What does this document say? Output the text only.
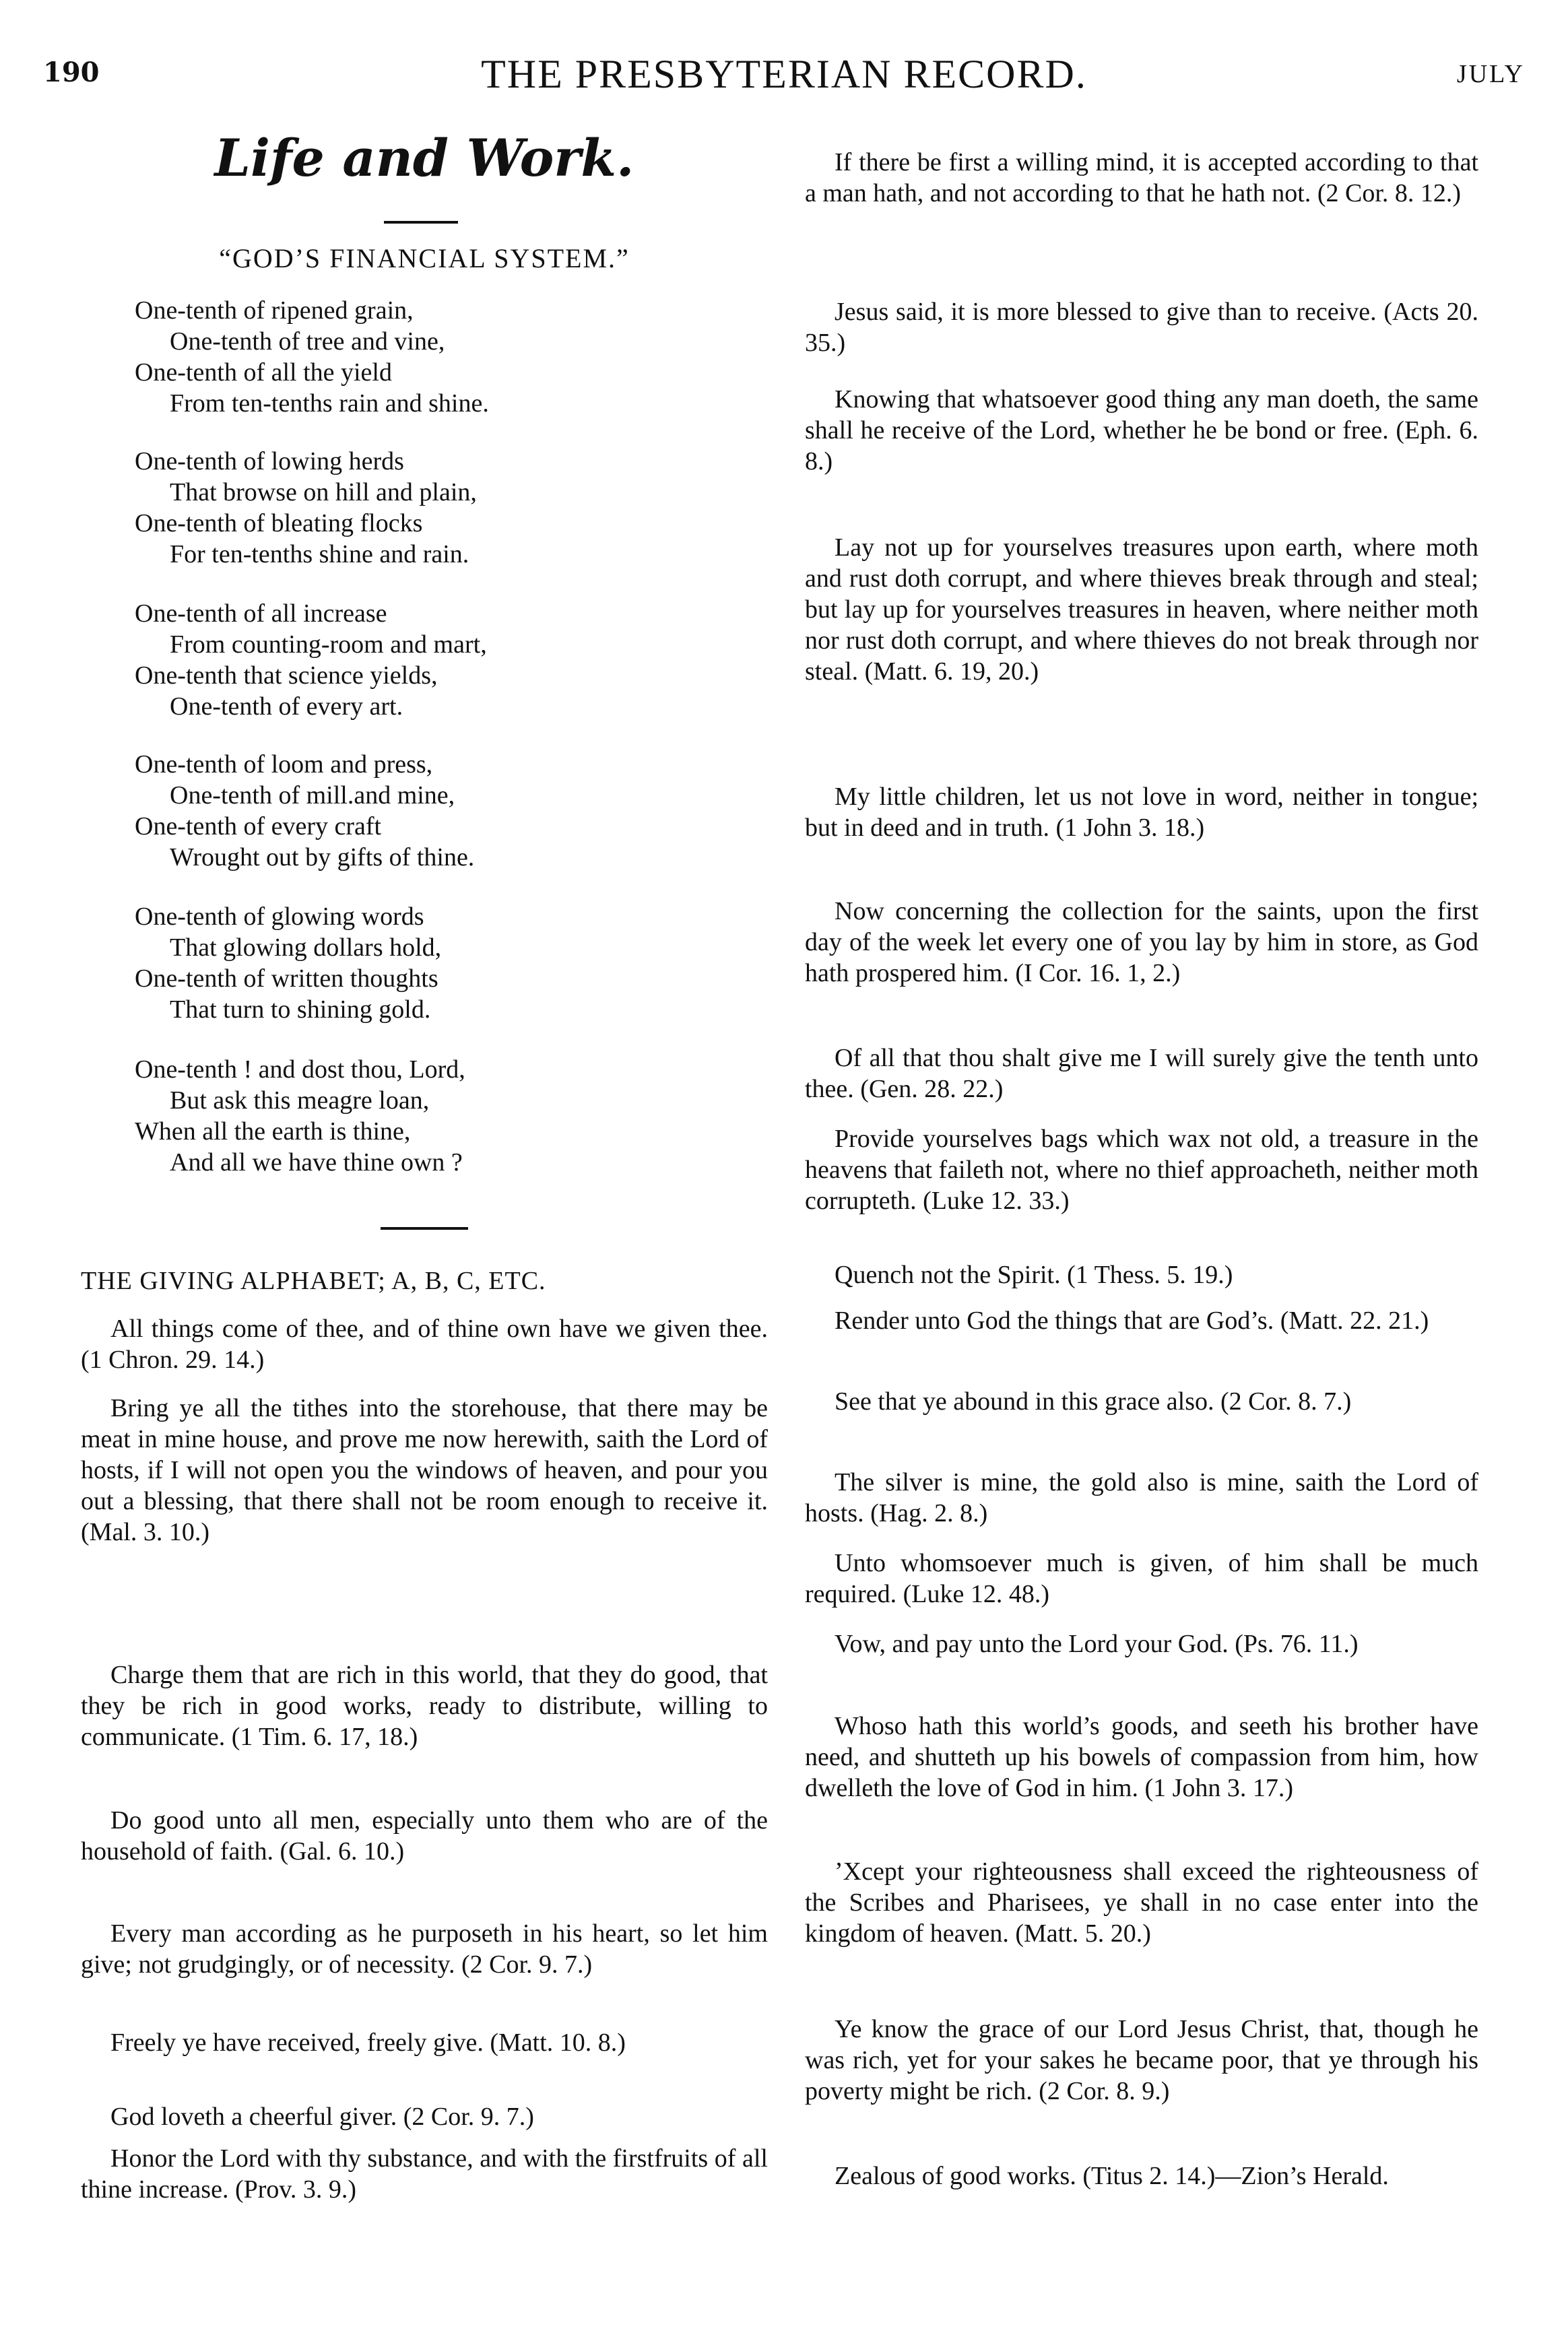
190	THE PRESBYTERIAN RECORD.	JULY
Life and Work.
“GOD’S FINANCIAL SYSTEM.”
One-tenth of ripened grain,
One-tenth of tree and vine,
One-tenth of all the yield
From ten-tenths rain and shine.
One-tenth of lowing herds
That browse on hill and plain,
One-tenth of bleating flocks
For ten-tenths shine and rain.
One-tenth of all increase
From counting-room and mart,
One-tenth that science yields,
One-tenth of every art.
One-tenth of loom and press,
One-tenth of mill.and mine,
One-tenth of every craft
Wrought out by gifts of thine.
One-tenth of glowing words
That glowing dollars hold,
One-tenth of written thoughts
That turn to shining gold.
One-tenth ! and dost thou, Lord,
But ask this meagre loan,
When all the earth is thine,
And all we have thine own ?
THE GIVING ALPHABET; A, B, C, ETC.

All things come of thee, and of thine own have we given thee. (1 Chron. 29. 14.)

Bring ye all the tithes into the storehouse, that there may be meat in mine house, and prove me now herewith, saith the Lord of hosts, if I will not open you the windows of heaven, and pour you out a blessing, that there shall not be room enough to receive it. (Mal. 3. 10.)

Charge them that are rich in this world, that they do good, that they be rich in good works, ready to distribute, willing to communicate. (1 Tim. 6. 17, 18.)

Do good unto all men, especially unto them who are of the household of faith. (Gal. 6. 10.)

Every man according as he purposeth in his heart, so let him give; not grudgingly, or of necessity. (2 Cor. 9. 7.)

Freely ye have received, freely give. (Matt. 10. 8.)

God loveth a cheerful giver. (2 Cor. 9. 7.)

Honor the Lord with thy substance, and with the firstfruits of all thine increase. (Prov. 3. 9.)

If there be first a willing mind, it is accepted according to that a man hath, and not according to that he hath not. (2 Cor. 8. 12.)

Jesus said, it is more blessed to give than to receive. (Acts 20. 35.)

Knowing that whatsoever good thing any man doeth, the same shall he receive of the Lord, whether he be bond or free. (Eph. 6. 8.)

Lay not up for yourselves treasures upon earth, where moth and rust doth corrupt, and where thieves break through and steal; but lay up for yourselves treasures in heaven, where neither moth nor rust doth corrupt, and where thieves do not break through nor steal. (Matt. 6. 19, 20.)

My little children, let us not love in word, neither in tongue; but in deed and in truth. (1 John 3. 18.)

Now concerning the collection for the saints, upon the first day of the week let every one of you lay by him in store, as God hath prospered him. (I Cor. 16. 1, 2.)

Of all that thou shalt give me I will surely give the tenth unto thee. (Gen. 28. 22.)

Provide yourselves bags which wax not old, a treasure in the heavens that faileth not, where no thief approacheth, neither moth corrupteth. (Luke 12. 33.)

Quench not the Spirit. (1 Thess. 5. 19.)

Render unto God the things that are God’s. (Matt. 22. 21.)

See that ye abound in this grace also. (2 Cor. 8. 7.)

The silver is mine, the gold also is mine, saith the Lord of hosts. (Hag. 2. 8.)

Unto whomsoever much is given, of him shall be much required. (Luke 12. 48.)

Vow, and pay unto the Lord your God. (Ps. 76. 11.)

Whoso hath this world’s goods, and seeth his brother have need, and shutteth up his bowels of compassion from him, how dwelleth the love of God in him. (1 John 3. 17.)

’Xcept your righteousness shall exceed the righteousness of the Scribes and Pharisees, ye shall in no case enter into the kingdom of heaven. (Matt. 5. 20.)

Ye know the grace of our Lord Jesus Christ, that, though he was rich, yet for your sakes he became poor, that ye through his poverty might be rich. (2 Cor. 8. 9.)

Zealous of good works. (Titus 2. 14.)—Zion’s Herald.
